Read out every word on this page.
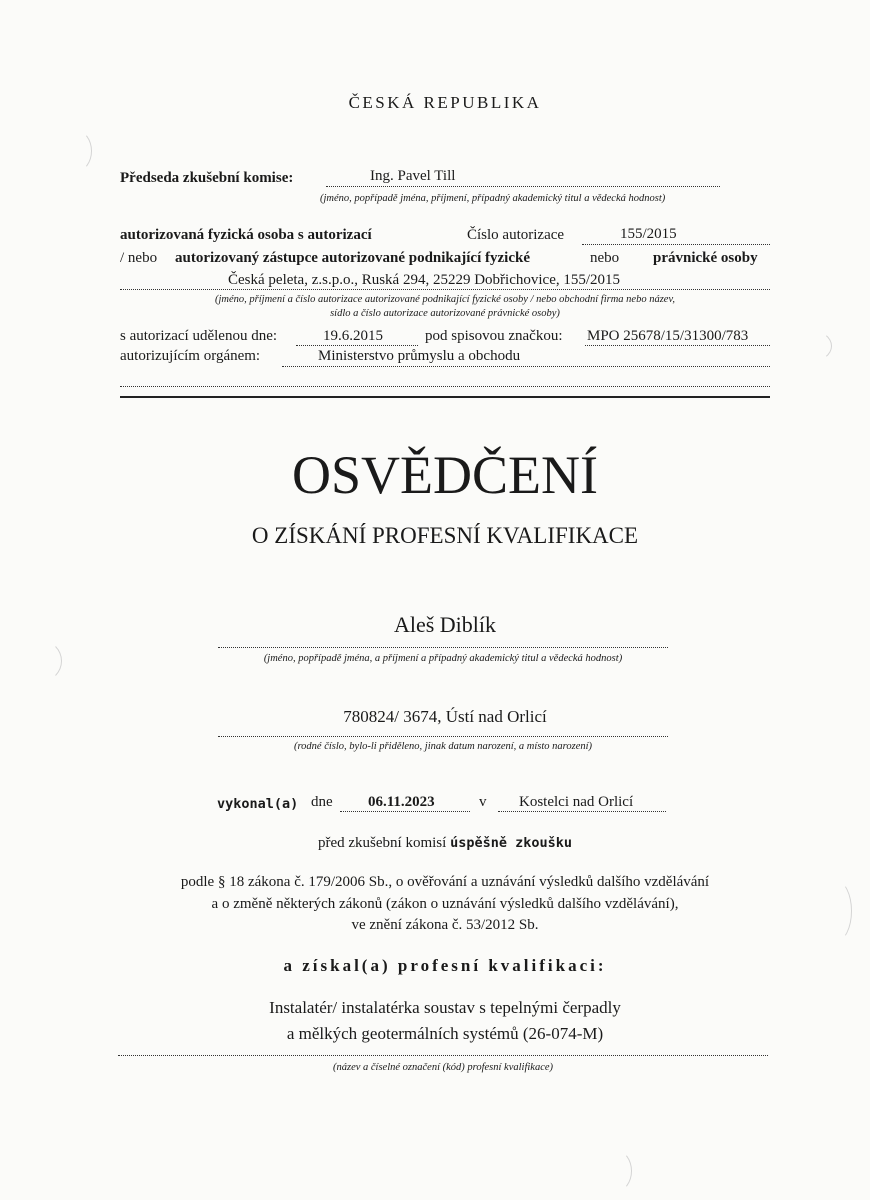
ČESKÁ REPUBLIKA
Předseda zkušební komise:	Ing. Pavel Till
(jméno, popřípadě jména, příjmení, případný akademický titul a vědecká hodnost)
autorizovaná fyzická osoba s autorizací	Číslo autorizace	155/2015
/ nebo autorizovaný zástupce autorizované podnikající fyzické	nebo právnické osoby
Česká peleta, z.s.p.o., Ruská 294, 25229 Dobřichovice, 155/2015
(jméno, příjmení a číslo autorizace autorizované podnikající fyzické osoby / nebo obchodní firma nebo název,
sídlo a číslo autorizace autorizované právnické osoby)
s autorizací udělenou dne:	19.6.2015	pod spisovou značkou: MPO 25678/15/31300/783
autorizujícím orgánem:	Ministerstvo průmyslu a obchodu
OSVĚDČENÍ
O ZÍSKÁNÍ PROFESNÍ KVALIFIKACE
Aleš Diblík
(jméno, popřípadě jména, a příjmení a případný akademický titul a vědecká hodnost)
780824/ 3674, Ústí nad Orlicí
(rodné číslo, bylo-li přiděleno, jinak datum narození, a místo narození)
vykonal(a) dne 06.11.2023	v Kostelci nad Orlicí
před zkušební komisí úspěšně zkoušku
podle § 18 zákona č. 179/2006 Sb., o ověřování a uznávání výsledků dalšího vzdělávání
a o změně některých zákonů (zákon o uznávání výsledků dalšího vzdělávání),
ve znění zákona č. 53/2012 Sb.
a získal(a) profesní kvalifikaci:
Instalatér/ instalatérka soustav s tepelnými čerpadly
a mělkých geotermálních systémů (26-074-M)
(název a číselné označení (kód) profesní kvalifikace)
